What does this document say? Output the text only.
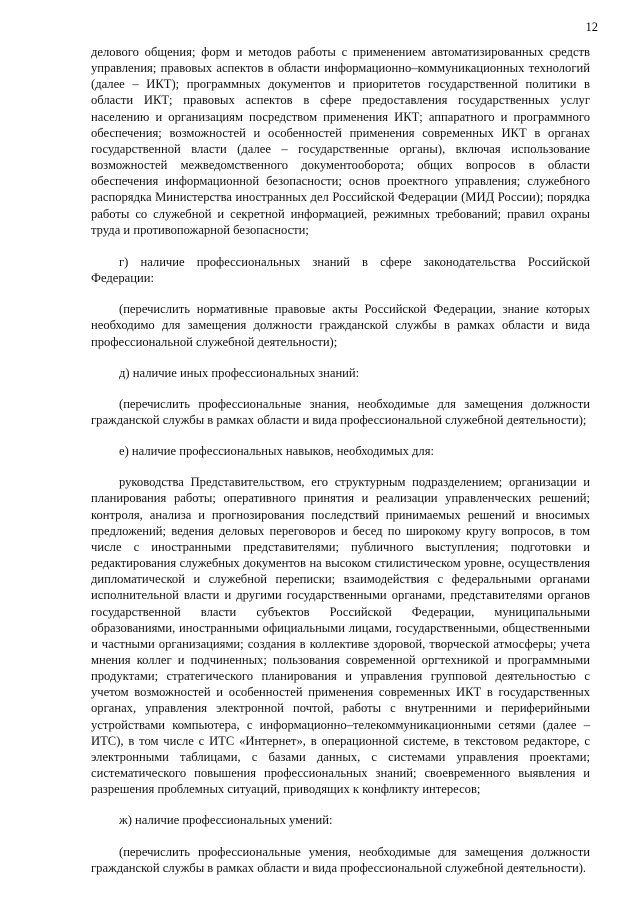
12

делового общения; форм и методов работы с применением автоматизированных средств управления; правовых аспектов в области информационно–коммуникационных технологий (далее – ИКТ); программных документов и приоритетов государственной политики в области ИКТ; правовых аспектов в сфере предоставления государственных услуг населению и организациям посредством применения ИКТ; аппаратного и программного обеспечения; возможностей и особенностей применения современных ИКТ в органах государственной власти (далее – государственные органы), включая использование возможностей межведомственного документооборота; общих вопросов в области обеспечения информационной безопасности; основ проектного управления; служебного распорядка Министерства иностранных дел Российской Федерации (МИД России); порядка работы со служебной и секретной информацией, режимных требований; правил охраны труда и противопожарной безопасности;

г) наличие профессиональных знаний в сфере законодательства Российской Федерации:

(перечислить нормативные правовые акты Российской Федерации, знание которых необходимо для замещения должности гражданской службы в рамках области и вида профессиональной служебной деятельности);

д) наличие иных профессиональных знаний:

(перечислить профессиональные знания, необходимые для замещения должности гражданской службы в рамках области и вида профессиональной служебной деятельности);

е) наличие профессиональных навыков, необходимых для:

руководства Представительством, его структурным подразделением; организации и планирования работы; оперативного принятия и реализации управленческих решений; контроля, анализа и прогнозирования последствий принимаемых решений и вносимых предложений; ведения деловых переговоров и бесед по широкому кругу вопросов, в том числе с иностранными представителями; публичного выступления; подготовки и редактирования служебных документов на высоком стилистическом уровне, осуществления дипломатической и служебной переписки; взаимодействия с федеральными органами исполнительной власти и другими государственными органами, представителями органов государственной власти субъектов Российской Федерации, муниципальными образованиями, иностранными официальными лицами, государственными, общественными и частными организациями; создания в коллективе здоровой, творческой атмосферы; учета мнения коллег и подчиненных; пользования современной оргтехникой и программными продуктами; стратегического планирования и управления групповой деятельностью с учетом возможностей и особенностей применения современных ИКТ в государственных органах, управления электронной почтой, работы с внутренними и периферийными устройствами компьютера, с информационно–телекоммуникационными сетями (далее – ИТС), в том числе с ИТС «Интернет», в операционной системе, в текстовом редакторе, с электронными таблицами, с базами данных, с системами управления проектами; систематического повышения профессиональных знаний; своевременного выявления и разрешения проблемных ситуаций, приводящих к конфликту интересов;

ж) наличие профессиональных умений:

(перечислить профессиональные умения, необходимые для замещения должности гражданской службы в рамках области и вида профессиональной служебной деятельности).
